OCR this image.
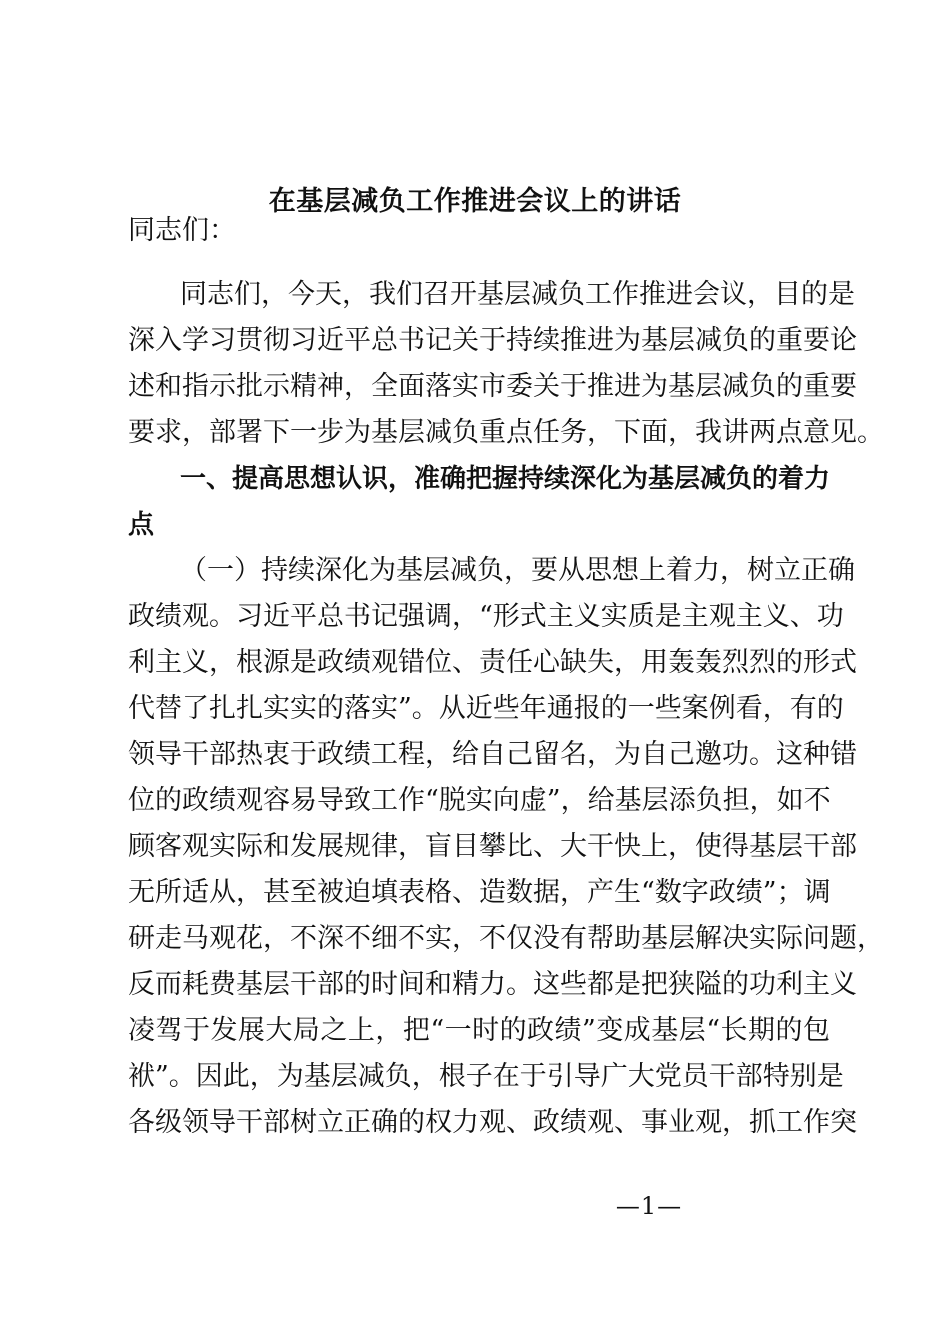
在基层减负工作推进会议上的讲话
同志们：
同志们，今天，我们召开基层减负工作推进会议，目的是
深入学习贯彻习近平总书记关于持续推进为基层减负的重要论
述和指示批示精神，全面落实市委关于推进为基层减负的重要
要求，部署下一步为基层减负重点任务，下面，我讲两点意见。
一、提高思想认识，准确把握持续深化为基层减负的着力
点
（一）持续深化为基层减负，要从思想上着力，树立正确
政绩观。习近平总书记强调，“形式主义实质是主观主义、功
利主义，根源是政绩观错位、责任心缺失，用轰轰烈烈的形式
代替了扎扎实实的落实”。从近些年通报的一些案例看，有的
领导干部热衷于政绩工程，给自己留名，为自己邀功。这种错
位的政绩观容易导致工作“脱实向虚”，给基层添负担，如不
顾客观实际和发展规律，盲目攀比、大干快上，使得基层干部
无所适从，甚至被迫填表格、造数据，产生“数字政绩”；调
研走马观花，不深不细不实，不仅没有帮助基层解决实际问题，
反而耗费基层干部的时间和精力。这些都是把狭隘的功利主义
凌驾于发展大局之上，把“一时的政绩”变成基层“长期的包
袱”。因此，为基层减负，根子在于引导广大党员干部特别是
各级领导干部树立正确的权力观、政绩观、事业观，抓工作突
—1—
